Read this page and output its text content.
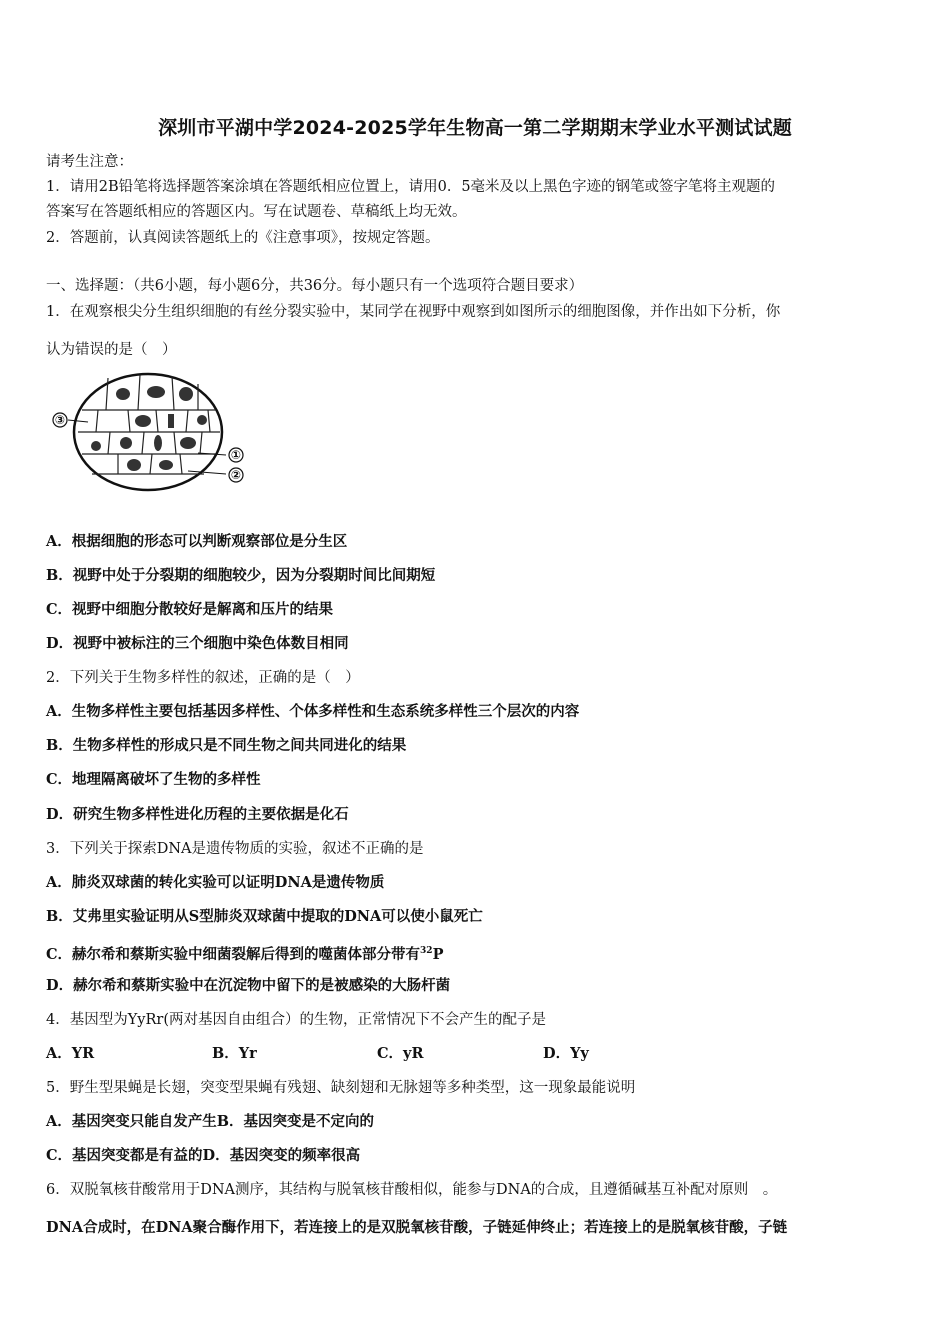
深圳市平湖中学2024-2025学年生物高一第二学期期末学业水平测试试题
请考生注意：
1．请用2B铅笔将选择题答案涂填在答题纸相应位置上，请用0．5毫米及以上黑色字迹的钢笔或签字笔将主观题的
答案写在答题纸相应的答题区内。写在试题卷、草稿纸上均无效。
2．答题前，认真阅读答题纸上的《注意事项》，按规定答题。
一、选择题：（共6小题，每小题6分，共36分。每小题只有一个选项符合题目要求）
1．在观察根尖分生组织细胞的有丝分裂实验中，某同学在视野中观察到如图所示的细胞图像，并作出如下分析，你
认为错误的是（　）
③
①
②
A．根据细胞的形态可以判断观察部位是分生区
B．视野中处于分裂期的细胞较少，因为分裂期时间比间期短
C．视野中细胞分散较好是解离和压片的结果
D．视野中被标注的三个细胞中染色体数目相同
2．下列关于生物多样性的叙述，正确的是（　）
A．生物多样性主要包括基因多样性、个体多样性和生态系统多样性三个层次的内容
B．生物多样性的形成只是不同生物之间共同进化的结果
C．地理隔离破坏了生物的多样性
D．研究生物多样性进化历程的主要依据是化石
3．下列关于探索DNA是遗传物质的实验，叙述不正确的是
A．肺炎双球菌的转化实验可以证明DNA是遗传物质
B．艾弗里实验证明从S型肺炎双球菌中提取的DNA可以使小鼠死亡
C．赫尔希和蔡斯实验中细菌裂解后得到的噬菌体部分带有$^{32}$P
D．赫尔希和蔡斯实验中在沉淀物中留下的是被感染的大肠杆菌
4．基因型为YyRr(两对基因自由组合）的生物，正常情况下不会产生的配子是
A．YR	B．Yr	C．yR	D．Yy
5．野生型果蝇是长翅，突变型果蝇有残翅、缺刻翅和无脉翅等多种类型，这一现象最能说明
A．基因突变只能自发产生B．基因突变是不定向的
C．基因突变都是有益的D．基因突变的频率很高
6．双脱氧核苷酸常用于DNA测序，其结构与脱氧核苷酸相似，能参与DNA的合成，且遵循碱基互补配对原则　。
DNA合成时，在DNA聚合酶作用下，若连接上的是双脱氧核苷酸，子链延伸终止；若连接上的是脱氧核苷酸，子链
